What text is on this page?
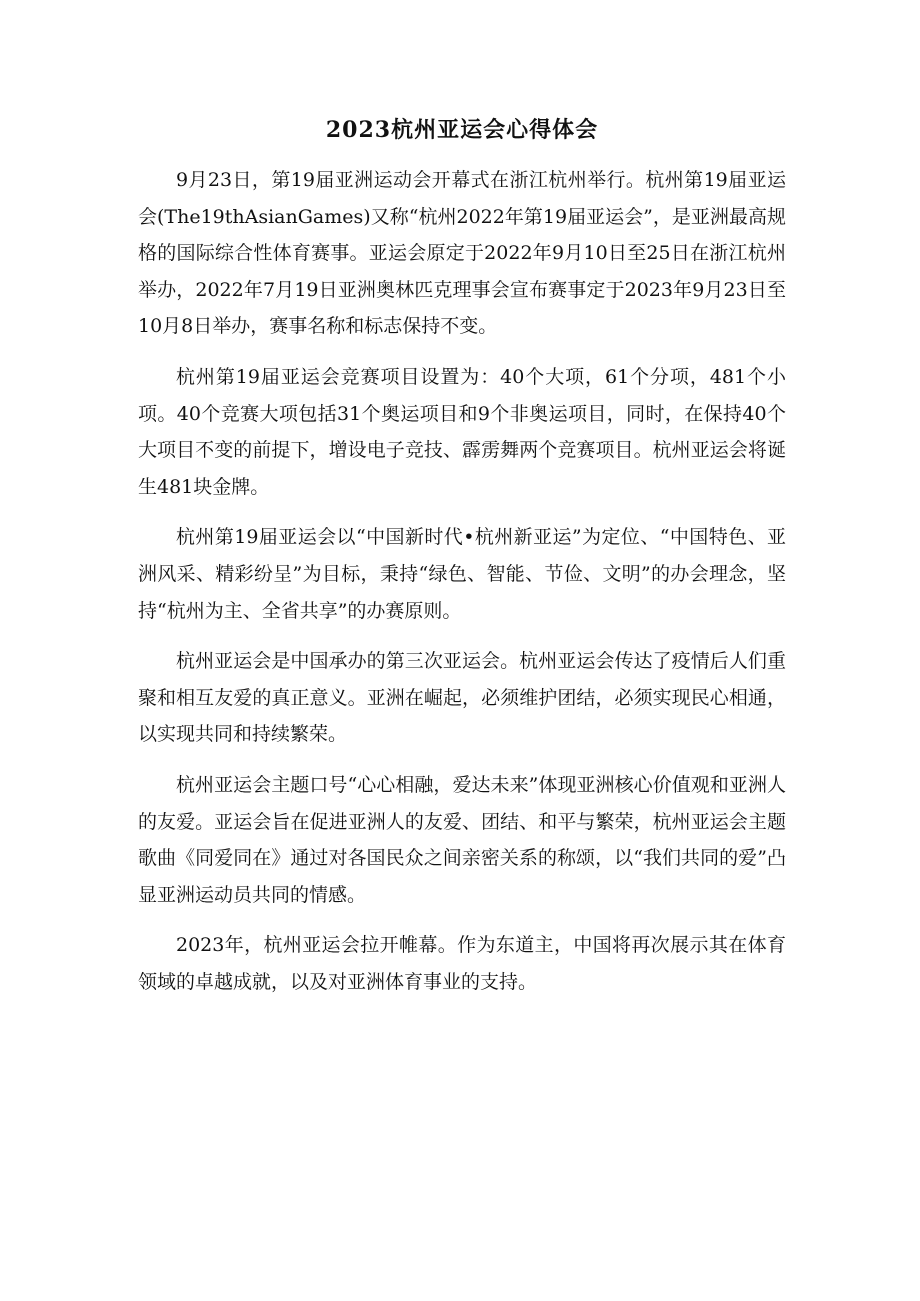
2023杭州亚运会心得体会

9月23日，第19届亚洲运动会开幕式在浙江杭州举行。杭州第19届亚运会(The19thAsianGames)又称“杭州2022年第19届亚运会”，是亚洲最高规格的国际综合性体育赛事。亚运会原定于2022年9月10日至25日在浙江杭州举办，2022年7月19日亚洲奥林匹克理事会宣布赛事定于2023年9月23日至10月8日举办，赛事名称和标志保持不变。

杭州第19届亚运会竞赛项目设置为：40个大项，61个分项，481个小项。40个竞赛大项包括31个奥运项目和9个非奥运项目，同时，在保持40个大项目不变的前提下，增设电子竞技、霹雳舞两个竞赛项目。杭州亚运会将诞生481块金牌。

杭州第19届亚运会以“中国新时代•杭州新亚运”为定位、“中国特色、亚洲风采、精彩纷呈”为目标，秉持“绿色、智能、节俭、文明”的办会理念，坚持“杭州为主、全省共享”的办赛原则。

杭州亚运会是中国承办的第三次亚运会。杭州亚运会传达了疫情后人们重聚和相互友爱的真正意义。亚洲在崛起，必须维护团结，必须实现民心相通，以实现共同和持续繁荣。

杭州亚运会主题口号“心心相融，爱达未来”体现亚洲核心价值观和亚洲人的友爱。亚运会旨在促进亚洲人的友爱、团结、和平与繁荣，杭州亚运会主题歌曲《同爱同在》通过对各国民众之间亲密关系的称颂，以“我们共同的爱”凸显亚洲运动员共同的情感。

2023年，杭州亚运会拉开帷幕。作为东道主，中国将再次展示其在体育领域的卓越成就，以及对亚洲体育事业的支持。
